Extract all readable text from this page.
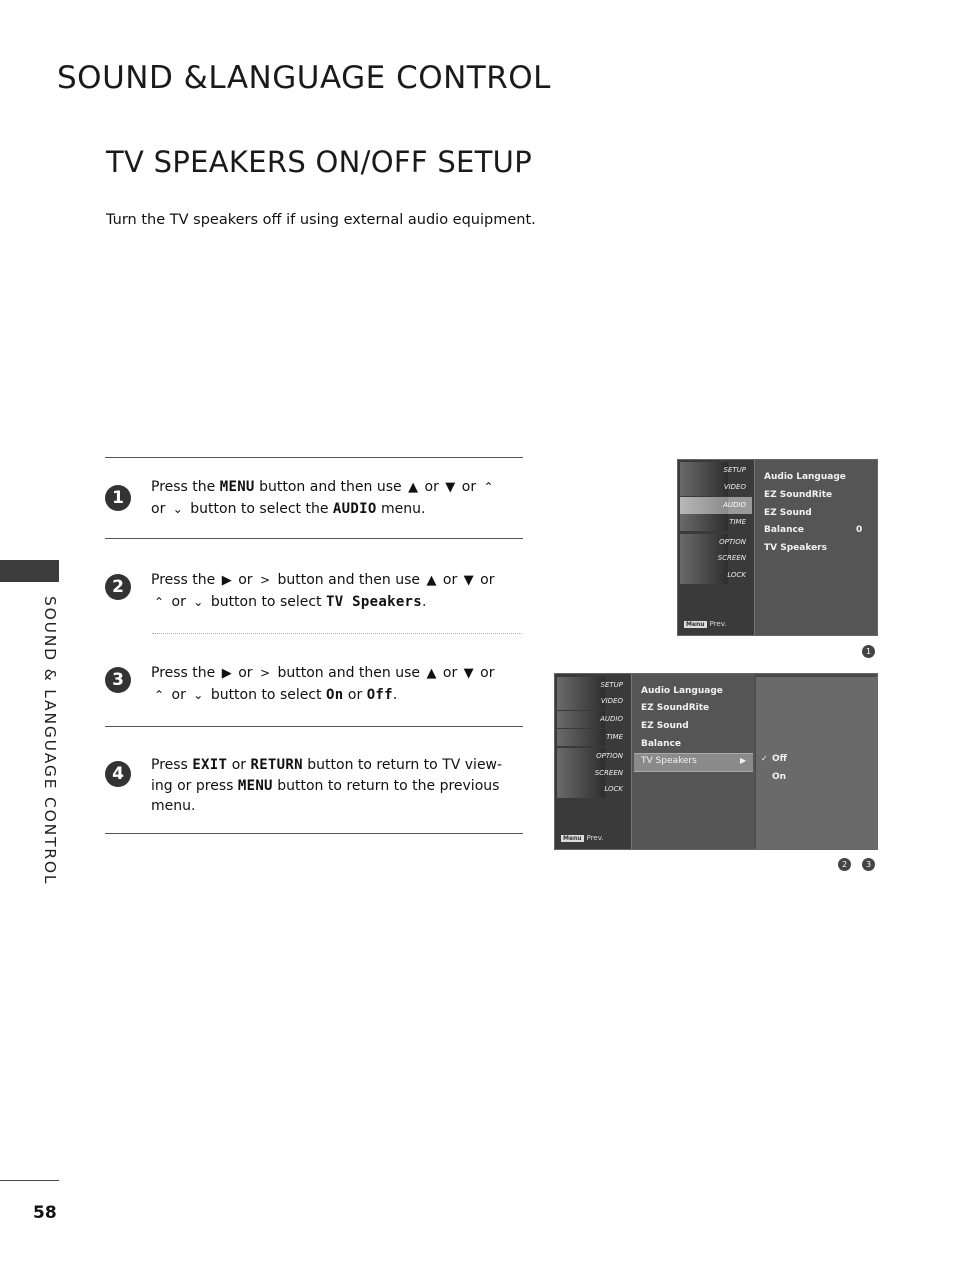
SOUND &LANGUAGE CONTROL
TV SPEAKERS ON/OFF SETUP
Turn the TV speakers off if using external audio equipment.
SOUND & LANGUAGE CONTROL
58
1
Press the MENU button and then use ▲ or ▼ or ⌃
or ⌄ button to select the AUDIO menu.
2	Press the ▶ or > button and then use ▲ or ▼ or
⌃ or ⌄ button to select TV Speakers.
3	Press the ▶ or > button and then use ▲ or ▼ or
⌃ or ⌄ button to select On or Off.
4	Press EXIT or RETURN button to return to TV view-ing or press MENU button to return to the previous menu.
SETUP
VIDEO
AUDIO
TIME
OPTION
SCREEN
LOCK
Menu Prev.
Audio Language
EZ SoundRite
EZ Sound
Balance	0
TV Speakers
1
SETUP
VIDEO
AUDIO
TIME
OPTION
SCREEN
LOCK
Menu Prev.
Audio Language
EZ SoundRite
EZ Sound
Balance
TV Speakers	▶ ✓ Off
On
2	3
